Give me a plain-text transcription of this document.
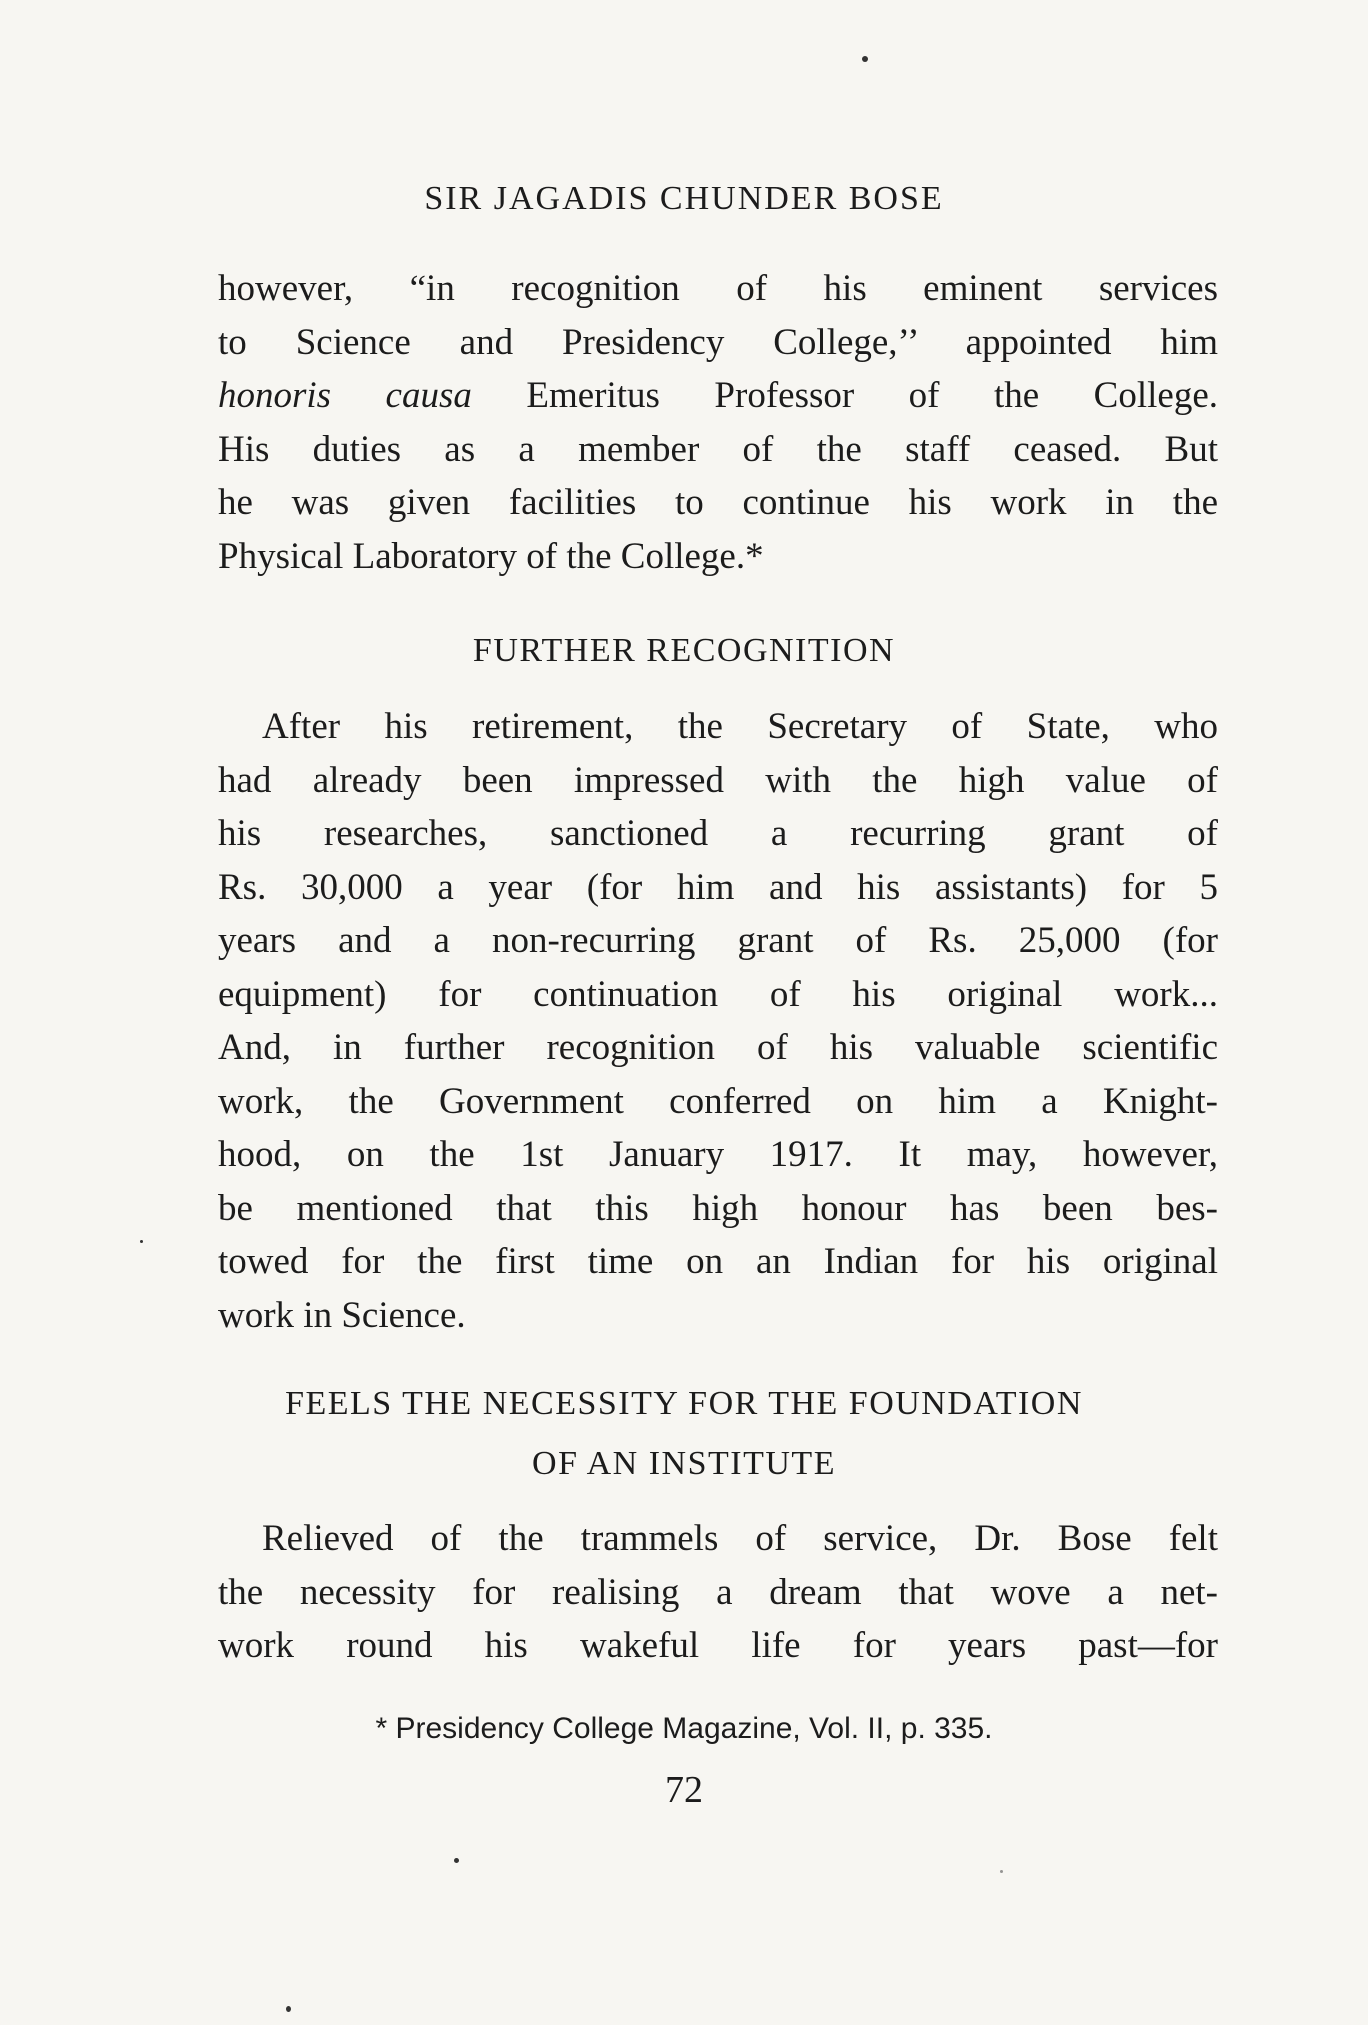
SIR JAGADIS CHUNDER BOSE

however, “in recognition of his eminent services
to Science and Presidency College,’’ appointed him
honoris causa Emeritus Professor of the College.
His duties as a member of the staff ceased. But
he was given facilities to continue his work in the
Physical Laboratory of the College.*

FURTHER RECOGNITION

After his retirement, the Secretary of State, who
had already been impressed with the high value of
his researches, sanctioned a recurring grant of
Rs. 30,000 a year (for him and his assistants) for 5
years and a non-recurring grant of Rs. 25,000 (for
equipment) for continuation of his original work...
And, in further recognition of his valuable scientific
work, the Government conferred on him a Knight-
hood, on the 1st January 1917. It may, however,
be mentioned that this high honour has been bes-
towed for the first time on an Indian for his original
work in Science.

FEELS THE NECESSITY FOR THE FOUNDATION
OF AN INSTITUTE

Relieved of the trammels of service, Dr. Bose felt
the necessity for realising a dream that wove a net-
work round his wakeful life for years past—for

* Presidency College Magazine, Vol. II, p. 335.
72
